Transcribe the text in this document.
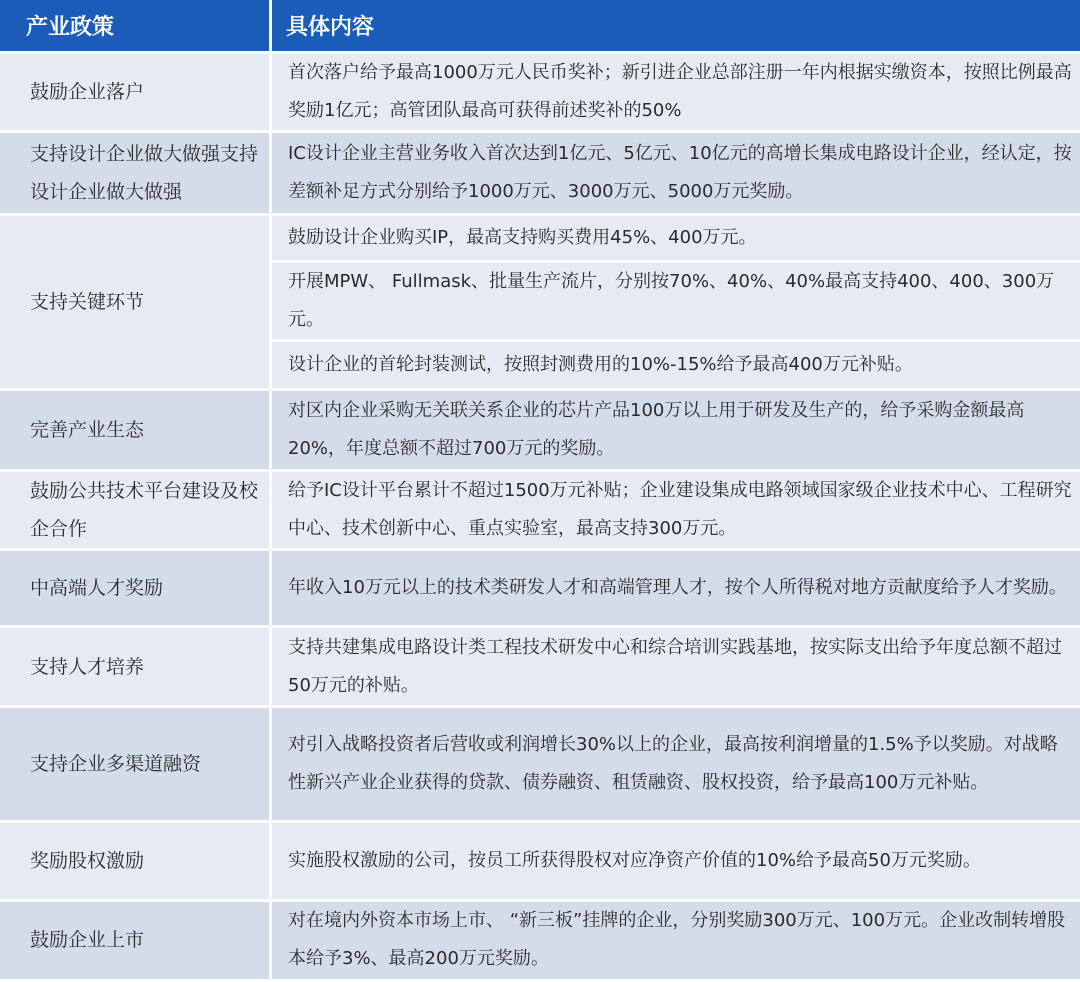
产业政策	具体内容
鼓励企业落户	首次落户给予最高1000万元人民币奖补；新引进企业总部注册一年内根据实缴资本，按照比例最高奖励1亿元；高管团队最高可获得前述奖补的50%
支持设计企业做大做强支持设计企业做大做强	IC设计企业主营业务收入首次达到1亿元、5亿元、10亿元的高增长集成电路设计企业，经认定，按差额补足方式分别给予1000万元、3000万元、5000万元奖励。
支持关键环节	鼓励设计企业购买IP，最高支持购买费用45%、400万元。
	开展MPW、 Fullmask、批量生产流片，分别按70%、40%、40%最高支持400、400、300万元。
	设计企业的首轮封装测试，按照封测费用的10%-15%给予最高400万元补贴。
完善产业生态	对区内企业采购无关联关系企业的芯片产品100万以上用于研发及生产的，给予采购金额最高20%，年度总额不超过700万元的奖励。
鼓励公共技术平台建设及校企合作	给予IC设计平台累计不超过1500万元补贴；企业建设集成电路领域国家级企业技术中心、工程研究中心、技术创新中心、重点实验室，最高支持300万元。
中高端人才奖励	年收入10万元以上的技术类研发人才和高端管理人才，按个人所得税对地方贡献度给予人才奖励。
支持人才培养	支持共建集成电路设计类工程技术研发中心和综合培训实践基地，按实际支出给予年度总额不超过50万元的补贴。
支持企业多渠道融资	对引入战略投资者后营收或利润增长30%以上的企业，最高按利润增量的1.5%予以奖励。对战略性新兴产业企业获得的贷款、债券融资、租赁融资、股权投资，给予最高100万元补贴。
奖励股权激励	实施股权激励的公司，按员工所获得股权对应净资产价值的10%给予最高50万元奖励。
鼓励企业上市	对在境内外资本市场上市、 “新三板”挂牌的企业，分别奖励300万元、100万元。企业改制转增股本给予3%、最高200万元奖励。
